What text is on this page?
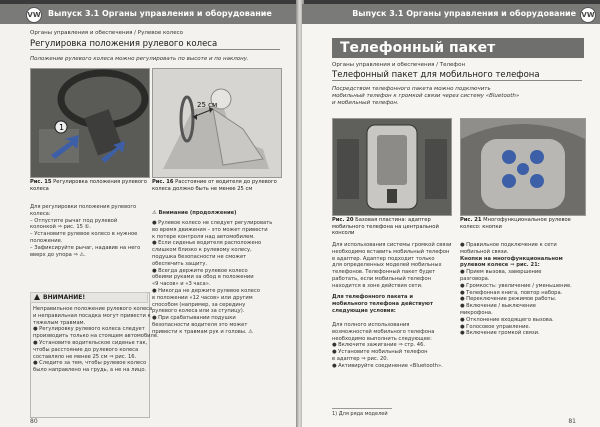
Выпуск 3.1 Органы управления и оборудование
VW
Органы управления и обеспечения / Рулевое колесо
Регулировка положения рулевого колеса
Положение рулевого колеса можно регулировать по высоте и по наклону.
1
Рис. 15 Регулировка положения рулевого колеса
25 см
Рис. 16 Расстояние от водителя до рулевого колеса должно быть не менее 25 см
Для регулировки положения рулевого
колеса:
– Отпустите рычаг под рулевой
колонкой ⇒ рис. 15 ①.
– Установите рулевое колесо в нужное
положение.
– Зафиксируйте рычаг, надавив на него
вверх до упора ⇒ ⚠.
ВНИМАНИЕ!
Неправильное положение рулевого колеса
и неправильная посадка могут привести к
тяжелым травмам.
● Регулировку рулевого колеса следует
производить только на стоящем автомобиле.
● Установите водительское сиденье так,
чтобы расстояние до рулевого колеса
составляло не менее 25 см ⇒ рис. 16.
● Следите за тем, чтобы рулевое колесо
было направлено на грудь, а не на лицо.
⚠ Внимание (продолжение)
● Рулевое колесо не следует регулировать
во время движения – это может привести
к потере контроля над автомобилем.
● Если сиденье водителя расположено
слишком близко к рулевому колесу,
подушка безопасности не сможет
обеспечить защиту.
● Всегда держите рулевое колесо
обеими руками за обод в положении
«9 часов» и «3 часа».
● Никогда не держите рулевое колесо
в положении «12 часов» или другим
способом (например, за середину
рулевого колеса или за ступицу).
● При срабатывании подушки
безопасности водителя это может
привести к травмам рук и головы. ⚠
80
Выпуск 3.1 Органы управления и оборудование VW
Телефонный пакет
Органы управления и обеспечения / Телефон
Телефонный пакет для мобильного телефона
Посредством телефонного пакета можно подключить
мобильный телефон к громкой связи через систему «Bluetooth»
и мобильный телефон.
Рис. 20 Базовая пластина: адаптер мобильного телефона на центральной консоли
Рис. 21 Многофункциональное рулевое колесо: кнопки
Для использования системы громкой связи
необходимо вставить мобильный телефон
в адаптер. Адаптер подходит только
для определенных моделей мобильных
телефонов. Телефонный пакет будет
работать, если мобильный телефон
находится в зоне действия сети.
Для телефонного пакета и мобильного телефона действуют следующие условия:
Для полного использования
возможностей мобильного телефона
необходимо выполнить следующее:
● Включите зажигание ⇒ стр. 46.
● Установите мобильный телефон
в адаптер ⇒ рис. 20.
● Активируйте соединение «Bluetooth».
● Правильное подключение к сети
мобильной связи.
Кнопки на многофункциональном
рулевом колесе ⇒ рис. 21:
● Прием вызова, завершение
разговора.
● Громкость: увеличение / уменьшение.
● Телефонная книга, повтор набора.
● Переключение режимов работы.
● Включение / выключение
микрофона.
● Отклонение входящего вызова.
● Голосовое управление.
● Включение громкой связи.
1) Для ряда моделей
81
